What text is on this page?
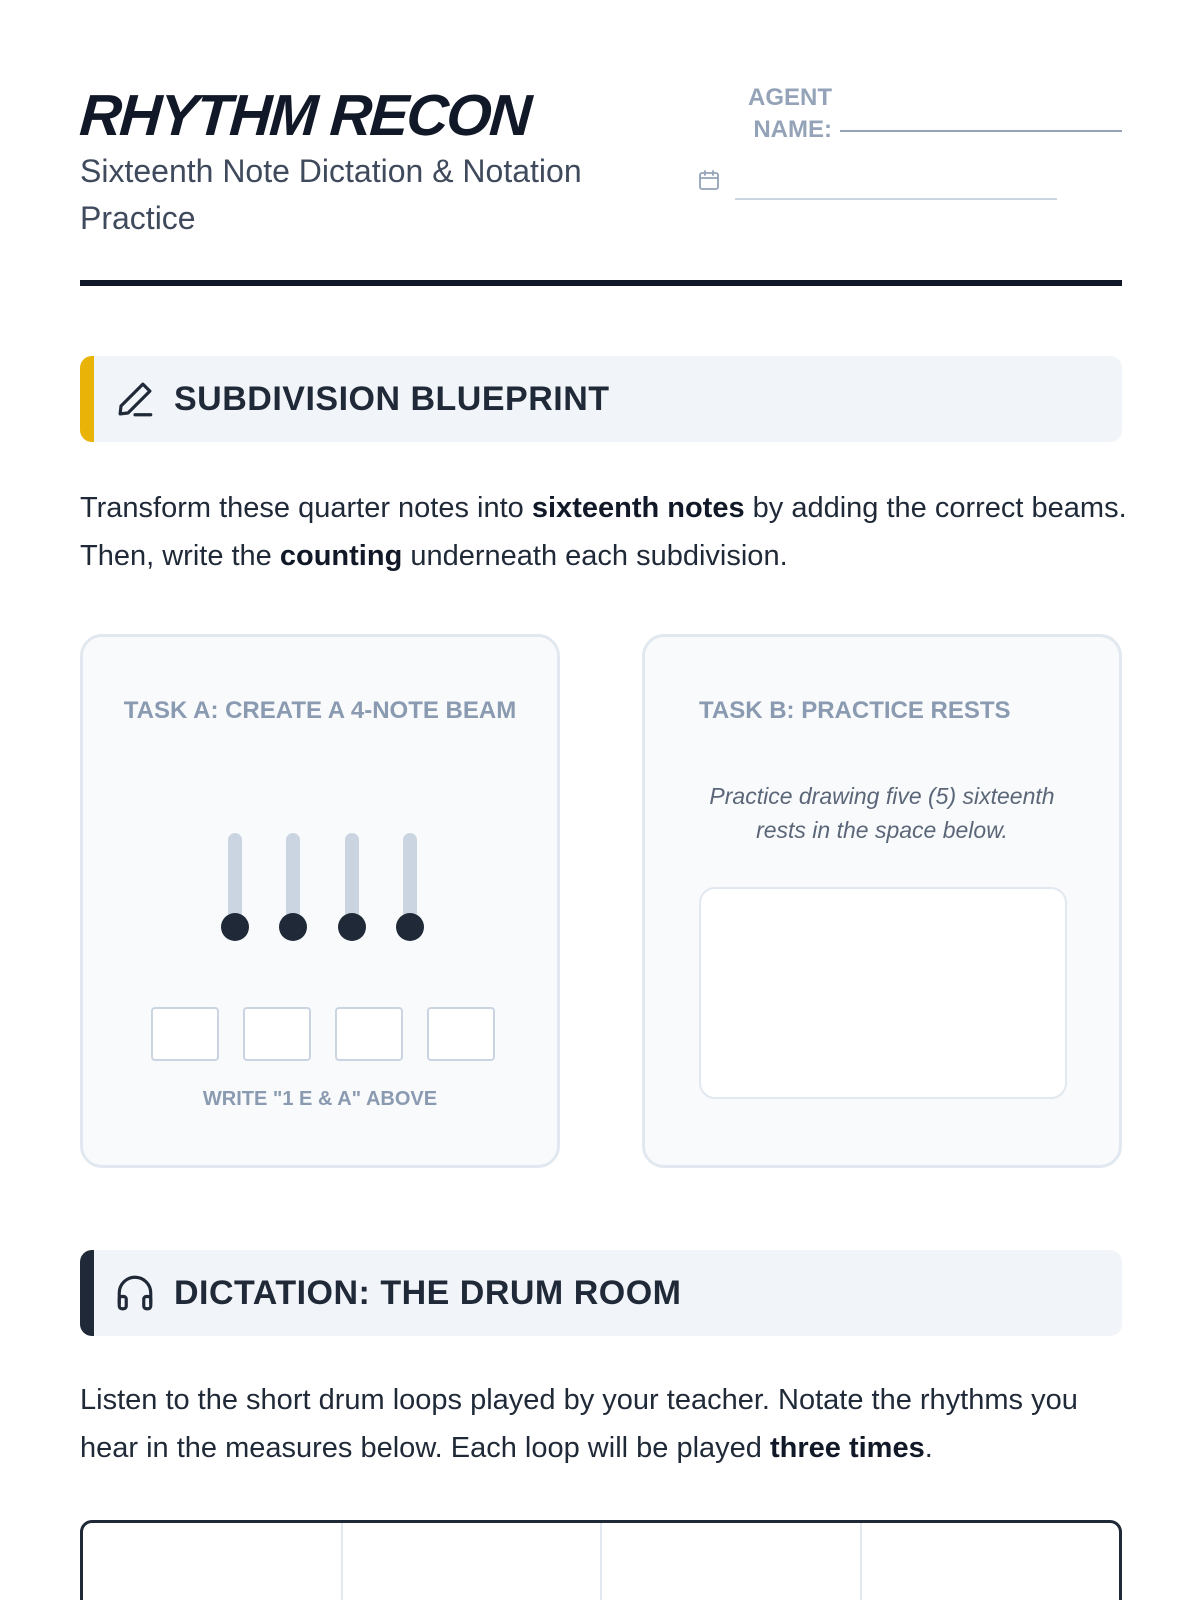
RHYTHM RECON
Sixteenth Note Dictation & Notation Practice
AGENT NAME:
SUBDIVISION BLUEPRINT
Transform these quarter notes into sixteenth notes by adding the correct beams. Then, write the counting underneath each subdivision.
TASK A: CREATE A 4-NOTE BEAM
WRITE "1 E & A" ABOVE
TASK B: PRACTICE RESTS
Practice drawing five (5) sixteenth rests in the space below.
DICTATION: THE DRUM ROOM
Listen to the short drum loops played by your teacher. Notate the rhythms you hear in the measures below. Each loop will be played three times.
